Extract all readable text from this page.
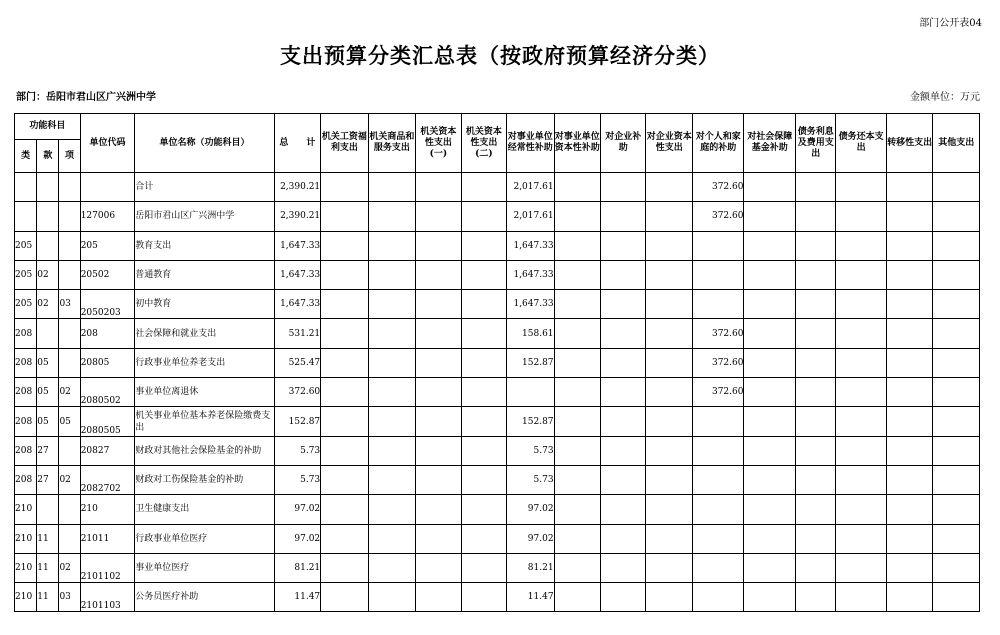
部门公开表04
支出预算分类汇总表（按政府预算经济分类）
部门：岳阳市君山区广兴洲中学	金额单位：万元
功能科目			单位代码	单位名称（功能科目）	总　　计	机关工资福利支出	机关商品和服务支出	机关资本性支出(一)	机关资本性支出(二)	对事业单位经常性补助	对事业单位资本性补助	对企业补助	对企业资本性支出	对个人和家庭的补助	对社会保障基金补助	债务利息及费用支出	债务还本支出	转移性支出	其他支出
类	款	项																	
				合计	2,390.21					2,017.61				372.60					
			127006	岳阳市君山区广兴洲中学	2,390.21					2,017.61				372.60					
205			205	教育支出	1,647.33					1,647.33									
205	02		20502	普通教育	1,647.33					1,647.33									
205	02	03	2050203	初中教育	1,647.33					1,647.33									
208			208	社会保障和就业支出	531.21					158.61				372.60					
208	05		20805	行政事业单位养老支出	525.47					152.87				372.60					
208	05	02	2080502	事业单位离退休	372.60									372.60					
208	05	05	2080505	机关事业单位基本养老保险缴费支出	152.87					152.87									
208	27		20827	财政对其他社会保险基金的补助	5.73					5.73									
208	27	02	2082702	财政对工伤保险基金的补助	5.73					5.73									
210			210	卫生健康支出	97.02					97.02									
210	11		21011	行政事业单位医疗	97.02					97.02									
210	11	02	2101102	事业单位医疗	81.21					81.21									
210	11	03	2101103	公务员医疗补助	11.47					11.47									
